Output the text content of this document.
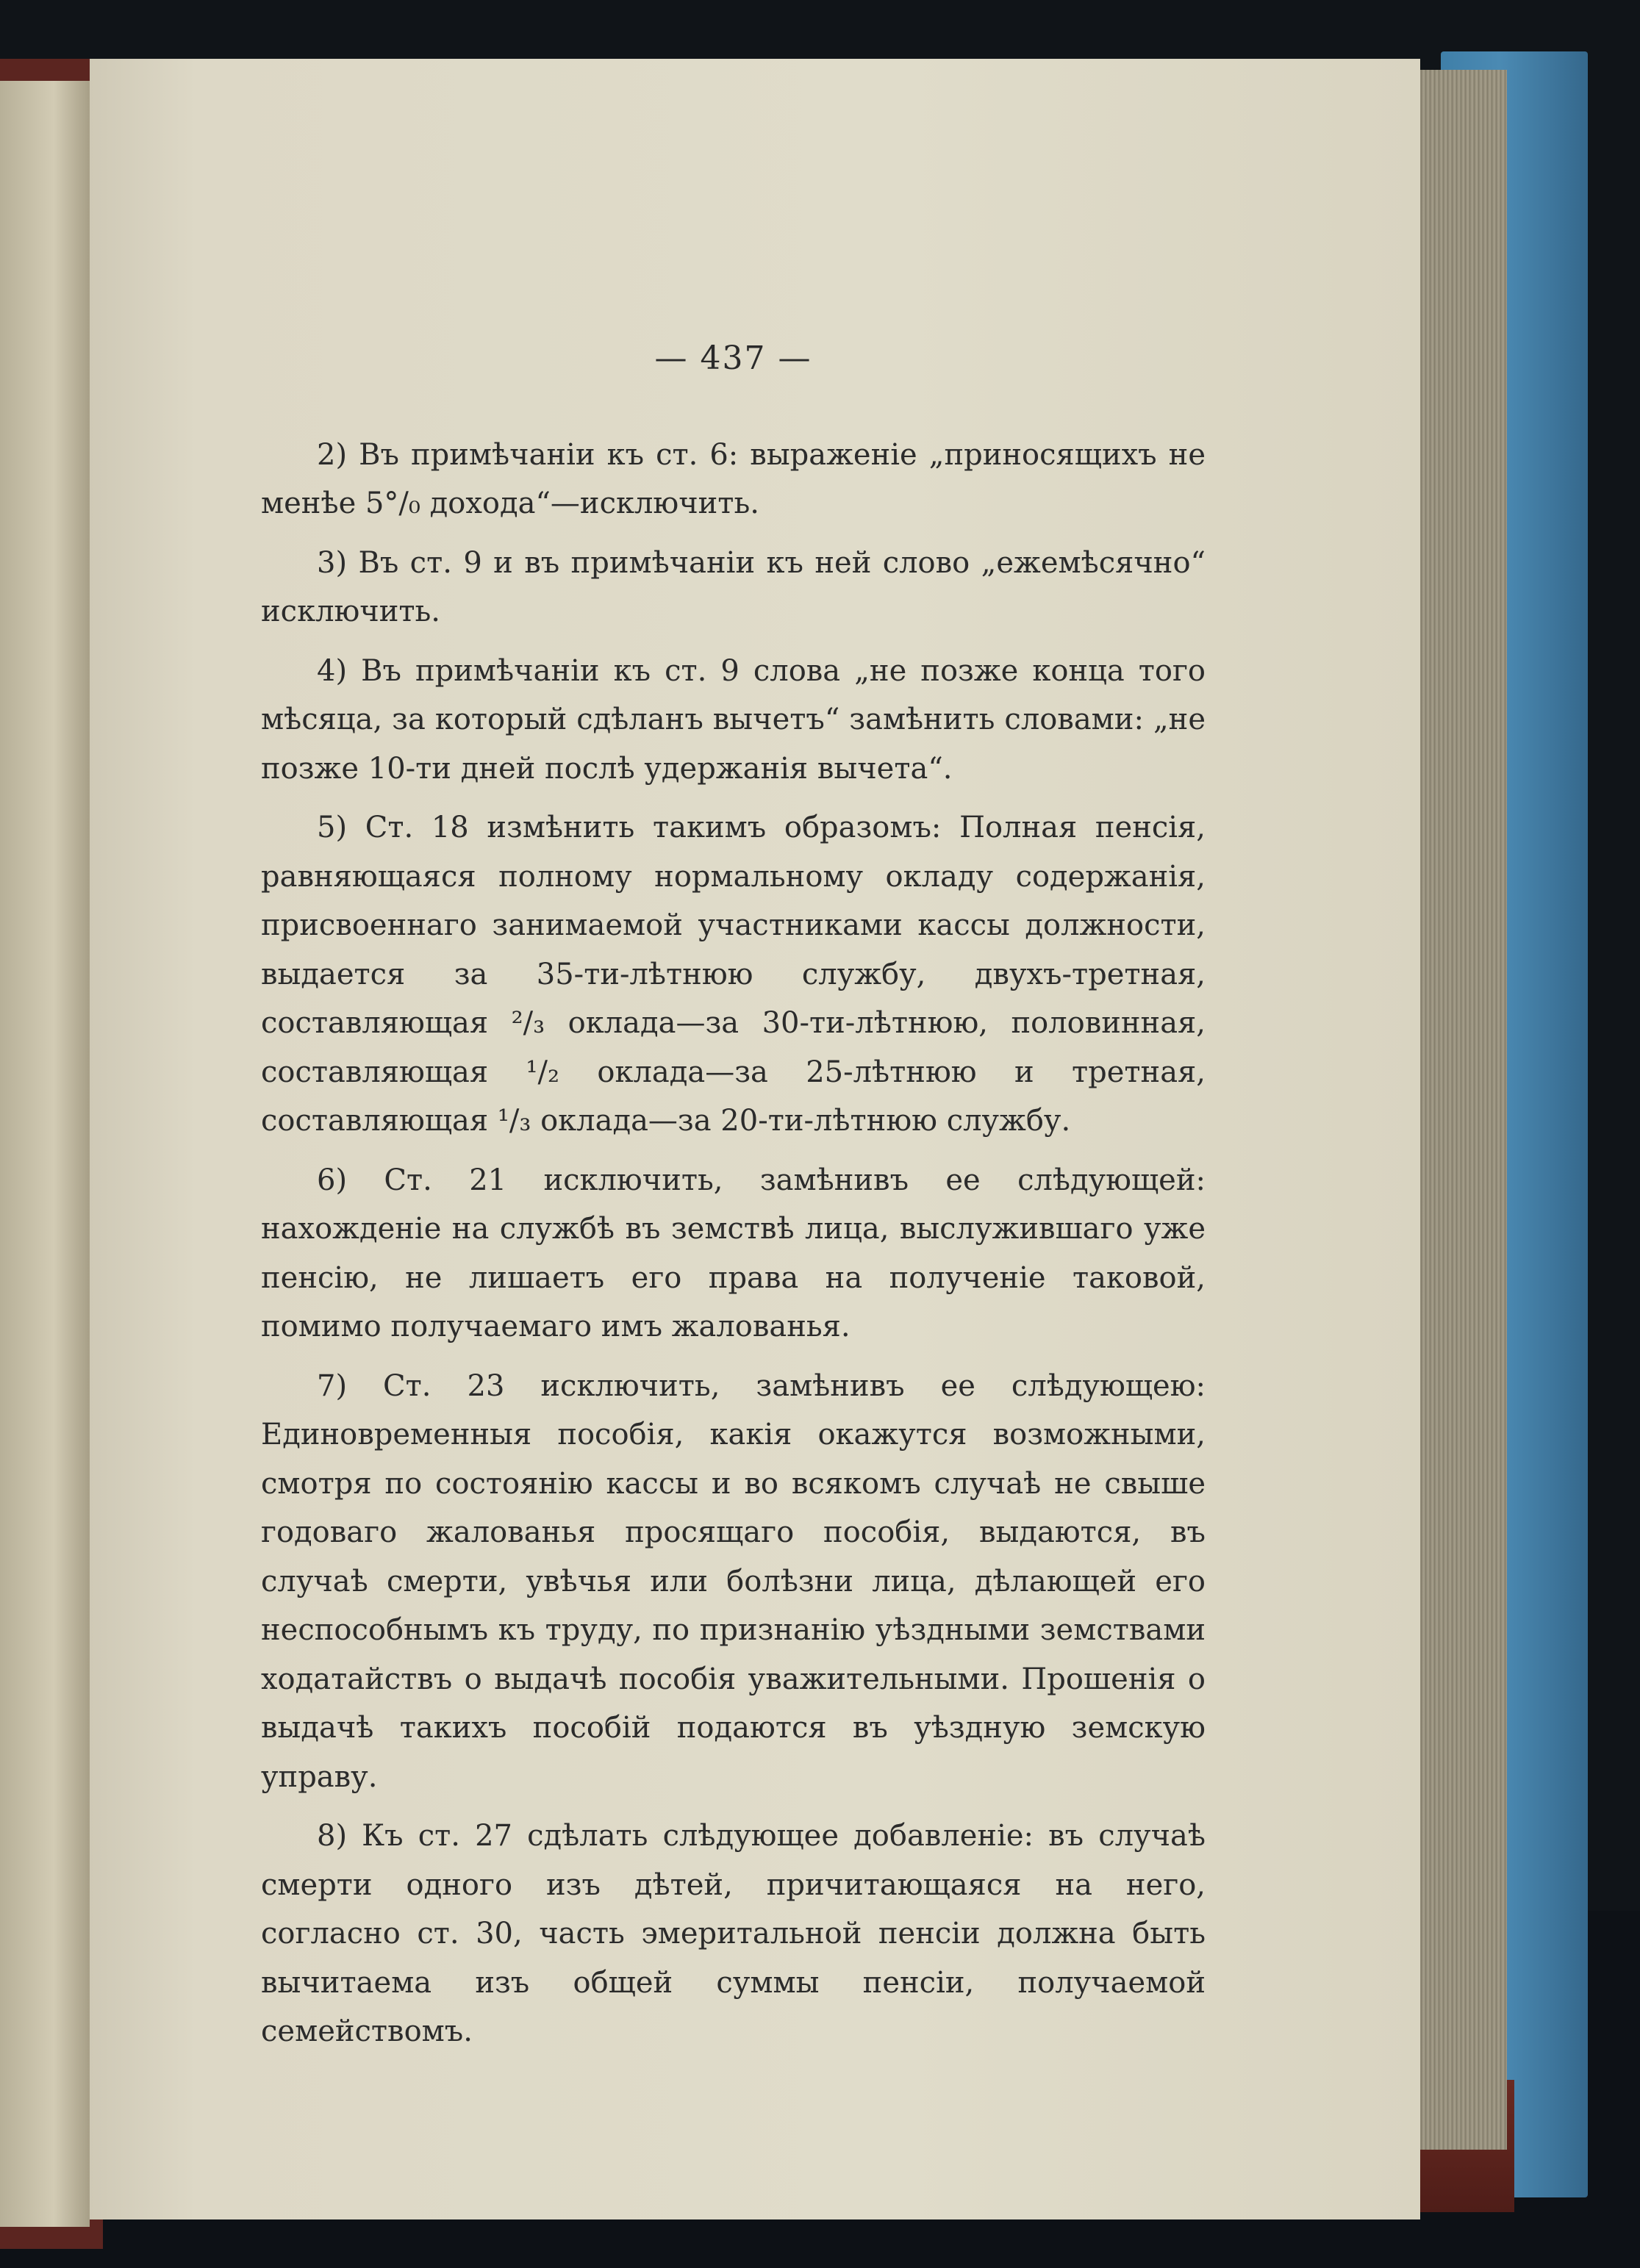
— 437 —

2) Въ примѣчаніи къ ст. 6: выраженіе „приносящихъ не менѣе 5°/₀ дохода“—исключить.

3) Въ ст. 9 и въ примѣчаніи къ ней слово „ежемѣсячно“ исключить.

4) Въ примѣчаніи къ ст. 9 слова „не позже конца того мѣсяца, за который сдѣланъ вычетъ“ замѣнить словами: „не позже 10-ти дней послѣ удержанія вычета“.

5) Ст. 18 измѣнить такимъ образомъ: Полная пенсія, равняющаяся полному нормальному окладу содержанія, присвоеннаго занимаемой участниками кассы должности, выдается за 35-ти-лѣтнюю службу, двухъ-третная, составляющая ²/₃ оклада—за 30-ти-лѣтнюю, половинная, составляющая ¹/₂ оклада—за 25-лѣтнюю и третная, составляющая ¹/₃ оклада—за 20-ти-лѣтнюю службу.

6) Ст. 21 исключить, замѣнивъ ее слѣдующей: нахожденіе на службѣ въ земствѣ лица, выслужившаго уже пенсію, не лишаетъ его права на полученіе таковой, помимо получаемаго имъ жалованья.

7) Ст. 23 исключить, замѣнивъ ее слѣдующею: Единовременныя пособія, какія окажутся возможными, смотря по состоянію кассы и во всякомъ случаѣ не свыше годоваго жалованья просящаго пособія, выдаются, въ случаѣ смерти, увѣчья или болѣзни лица, дѣлающей его неспособнымъ къ труду, по признанію уѣздными земствами ходатайствъ о выдачѣ пособія уважительными. Прошенія о выдачѣ такихъ пособій подаются въ уѣздную земскую управу.

8) Къ ст. 27 сдѣлать слѣдующее добавленіе: въ случаѣ смерти одного изъ дѣтей, причитающаяся на него, согласно ст. 30, часть эмеритальной пенсіи должна быть вычитаема изъ общей суммы пенсіи, получаемой семействомъ.
